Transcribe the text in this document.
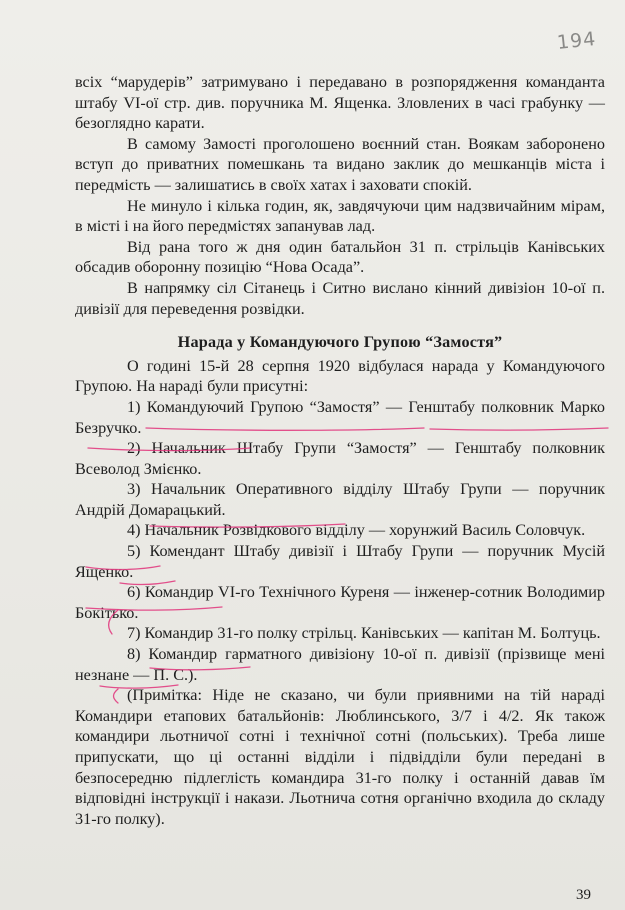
194

всіх “марудерів” затримувано і передавано в розпорядження команданта штабу VI-ої стр. див. поручника М. Ященка. Зловлених в часі грабунку — безоглядно карати.

В самому Замості проголошено воєнний стан. Воякам заборонено вступ до приватних помешкань та видано заклик до мешканців міста і передмість — залишатись в своїх хатах і заховати спокій.

Не минуло і кілька годин, як, завдячуючи цим надзвичайним мірам, в місті і на його передмістях запанував лад.

Від рана того ж дня один батальйон 31 п. стрільців Канівських обсадив оборонну позицію “Нова Осада”.

В напрямку сіл Сітанець і Ситно вислано кінний дивізіон 10-ої п. дивізії для переведення розвідки.

Нарада у Командуючого Групою “Замостя”

О годині 15-й 28 серпня 1920 відбулася нарада у Командуючого Групою. На нараді були присутні:

1) Командуючий Групою “Замостя” — Генштабу полковник Марко Безручко.

2) Начальник Штабу Групи “Замостя” — Генштабу полковник Всеволод Змієнко.

3) Начальник Оперативного відділу Штабу Групи — поручник Андрій Домарацький.

4) Начальник Розвідкового відділу — хорунжий Василь Соловчук.

5) Комендант Штабу дивізії і Штабу Групи — поручник Мусій Ященко.

6) Командир VI-го Технічного Куреня — інженер-сотник Володимир Бокітько.

7) Командир 31-го полку стрільц. Канівських — капітан М. Болтуць.

8) Командир гарматного дивізіону 10-ої п. дивізії (прізвище мені незнане — П. С.).

(Примітка: Ніде не сказано, чи були приявними на тій нараді Командири етапових батальйонів: Люблинського, 3/7 і 4/2. Як також командири льотничої сотні і технічної сотні (польських). Треба лише припускати, що ці останні відділи і підвідділи були передані в безпосередню підлеглість командира 31-го полку і останній давав їм відповідні інструкції і накази. Льотнича сотня органічно входила до складу 31-го полку).

39
